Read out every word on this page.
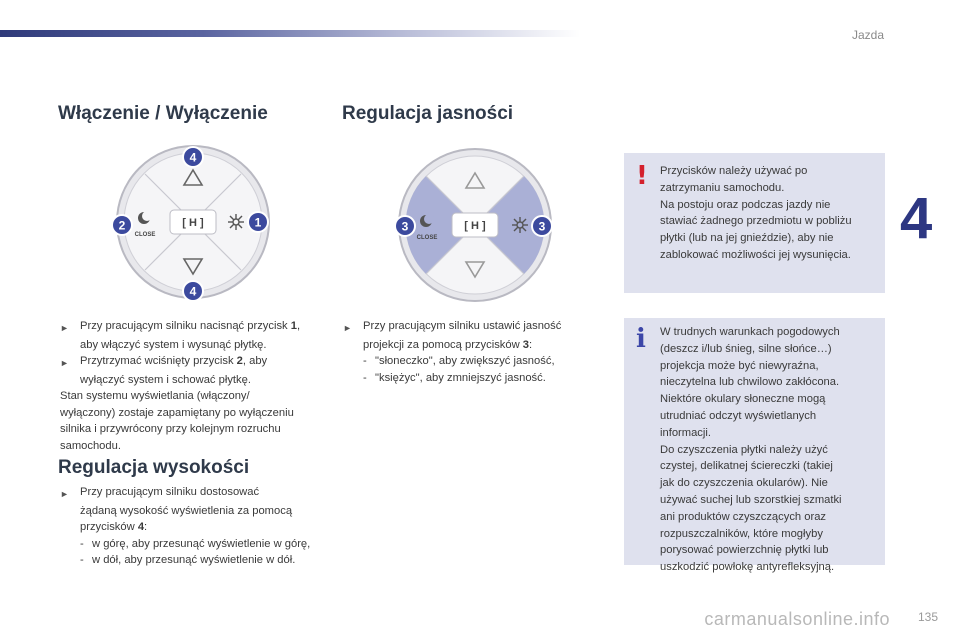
Jazda
4
Włączenie / Wyłączenie
[ H ]
CLOSE
4
2	1
4
► Przy pracującym silniku nacisnąć przycisk 1,
aby włączyć system i wysunąć płytkę.
► Przytrzymać wciśnięty przycisk 2, aby
wyłączyć system i schować płytkę.
Stan systemu wyświetlania (włączony/
wyłączony) zostaje zapamiętany po wyłączeniu
silnika i przywrócony przy kolejnym rozruchu
samochodu.
Regulacja wysokości
► Przy pracującym silniku dostosować
żądaną wysokość wyświetlenia za pomocą
przycisków 4:
- w górę, aby przesunąć wyświetlenie w górę,
- w dół, aby przesunąć wyświetlenie w dół.
Regulacja jasności
[ H ]
CLOSE
3	3
► Przy pracującym silniku ustawić jasność
projekcji za pomocą przycisków 3:
- "słoneczko", aby zwiększyć jasność,
- "księżyc", aby zmniejszyć jasność.
! Przycisków należy używać po
zatrzymaniu samochodu.
Na postoju oraz podczas jazdy nie
stawiać żadnego przedmiotu w pobliżu
płytki (lub na jej gnieździe), aby nie
zablokować możliwości jej wysunięcia.
i	W trudnych warunkach pogodowych
(deszcz i/lub śnieg, silne słońce…)
projekcja może być niewyraźna,
nieczytelna lub chwilowo zakłócona.
Niektóre okulary słoneczne mogą
utrudniać odczyt wyświetlanych
informacji.
Do czyszczenia płytki należy użyć
czystej, delikatnej ściereczki (takiej
jak do czyszczenia okularów). Nie
używać suchej lub szorstkiej szmatki
ani produktów czyszczących oraz
rozpuszczalników, które mogłyby
porysować powierzchnię płytki lub
uszkodzić powłokę antyrefleksyjną.
135
carmanualsonline.info
